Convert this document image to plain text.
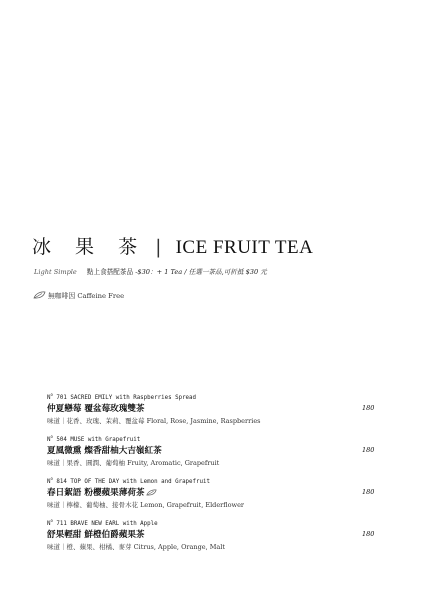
冰 果 茶 | ICE FRUIT TEA
Light Simple 點上食搭配茶品 -$30：+ 1 Tea / 任選一茶品,可折抵 $30 元
無咖啡因 Caffeine Free
$N^o$ 701 SACRED EMILY with Raspberries Spread
仲夏戀莓 覆盆莓玫瑰雙茶
味道｜花香、玫瑰、茉莉、覆盆莓 Floral, Rose, Jasmine, Raspberries
180
$N^o$ 504 MUSE with Grapefruit
夏風微熏 燦香甜柚大吉嶺紅茶
味道｜果香、圓潤、葡萄柚 Fruity, Aromatic, Grapefruit
180
$N^o$ 814 TOP OF THE DAY with Lemon and Grapefruit
春日絮語 粉櫻蘋果薄荷茶
味道｜檸檬、葡萄柚、接骨木花 Lemon, Grapefruit, Elderflower
180
$N^o$ 711 BRAVE NEW EARL with Apple
舒果輕甜 鮮橙伯爵蘋果茶
味道｜橙、蘋果、柑橘、麥芽 Citrus, Apple, Orange, Malt
180
